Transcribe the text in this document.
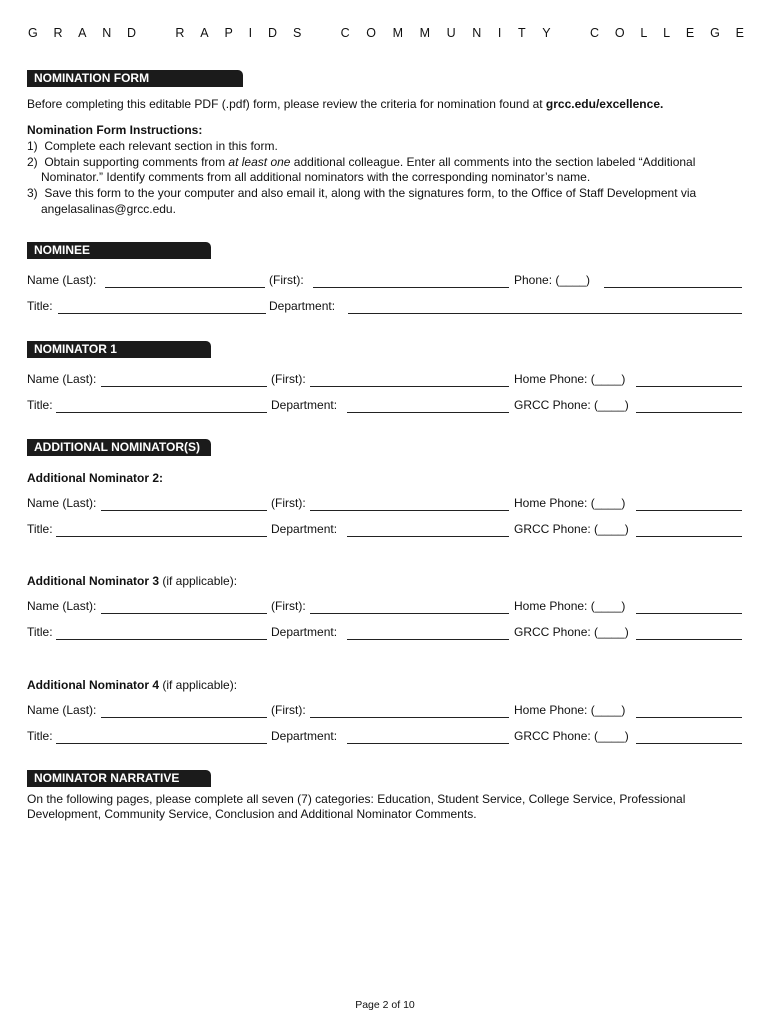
G R A N D	R A P I D S	C O M M U N I T Y	C O L L E G E
NOMINATION FORM
Before completing this editable PDF (.pdf) form, please review the criteria for nomination found at grcc.edu/excellence.
Nomination Form Instructions:
1) Complete each relevant section in this form.
2) Obtain supporting comments from at least one additional colleague. Enter all comments into the section labeled “Additional
Nominator.” Identify comments from all additional nominators with the corresponding nominator’s name.
3) Save this form to the your computer and also email it, along with the signatures form, to the Office of Staff Development via
angelasalinas@grcc.edu.
NOMINEE
Name (Last):	(First):	Phone: (____)
Title:	Department:
NOMINATOR 1
Name (Last):	(First):	Home Phone: (____)
Title:	Department:	GRCC Phone: (____)
ADDITIONAL NOMINATOR(S)
Additional Nominator 2:
Name (Last):	(First):	Home Phone: (____)
Title:	Department:	GRCC Phone: (____)
Additional Nominator 3 (if applicable):
Name (Last):	(First):	Home Phone: (____)
Title:	Department:	GRCC Phone: (____)
Additional Nominator 4 (if applicable):
Name (Last):	(First):	Home Phone: (____)
Title:	Department:	GRCC Phone: (____)
NOMINATOR NARRATIVE
On the following pages, please complete all seven (7) categories: Education, Student Service, College Service, Professional
Development, Community Service, Conclusion and Additional Nominator Comments.
Page 2 of 10
